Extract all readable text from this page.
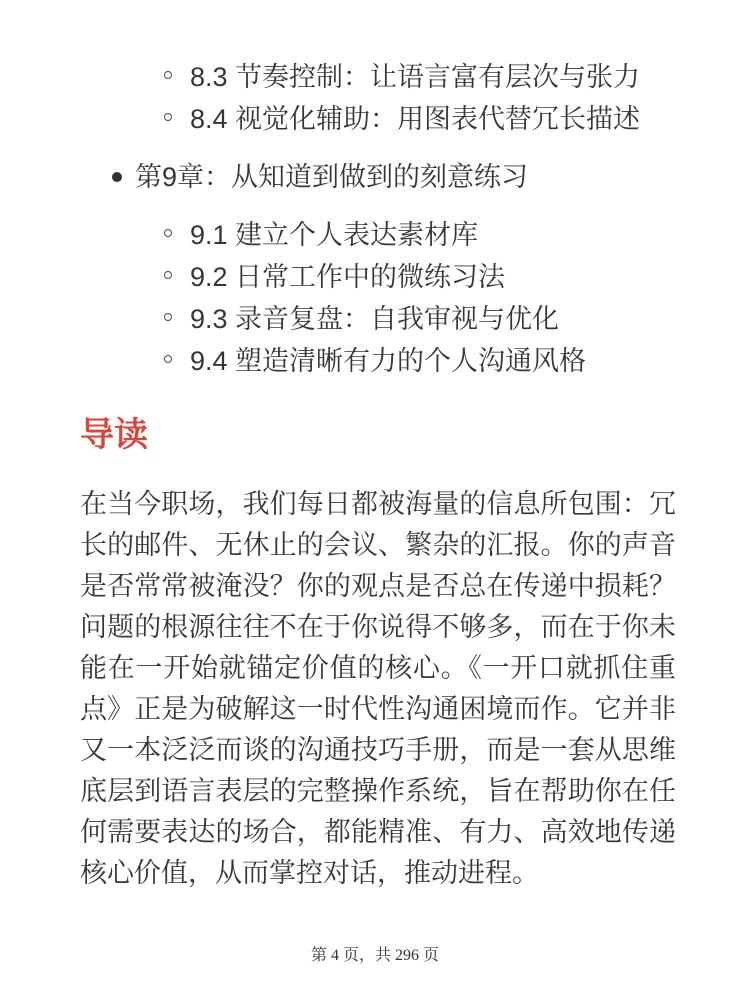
8.3 节奏控制：让语言富有层次与张力
8.4 视觉化辅助：用图表代替冗长描述
第9章：从知道到做到的刻意练习
9.1 建立个人表达素材库
9.2 日常工作中的微练习法
9.3 录音复盘：自我审视与优化
9.4 塑造清晰有力的个人沟通风格
导读

在当今职场，我们每日都被海量的信息所包围：冗长的邮件、无休止的会议、繁杂的汇报。你的声音是否常常被淹没？你的观点是否总在传递中损耗？问题的根源往往不在于你说得不够多，而在于你未能在一开始就锚定价值的核心。《一开口就抓住重点》正是为破解这一时代性沟通困境而作。它并非又一本泛泛而谈的沟通技巧手册，而是一套从思维底层到语言表层的完整操作系统，旨在帮助你在任何需要表达的场合，都能精准、有力、高效地传递核心价值，从而掌控对话，推动进程。

第 4 页，共 296 页
